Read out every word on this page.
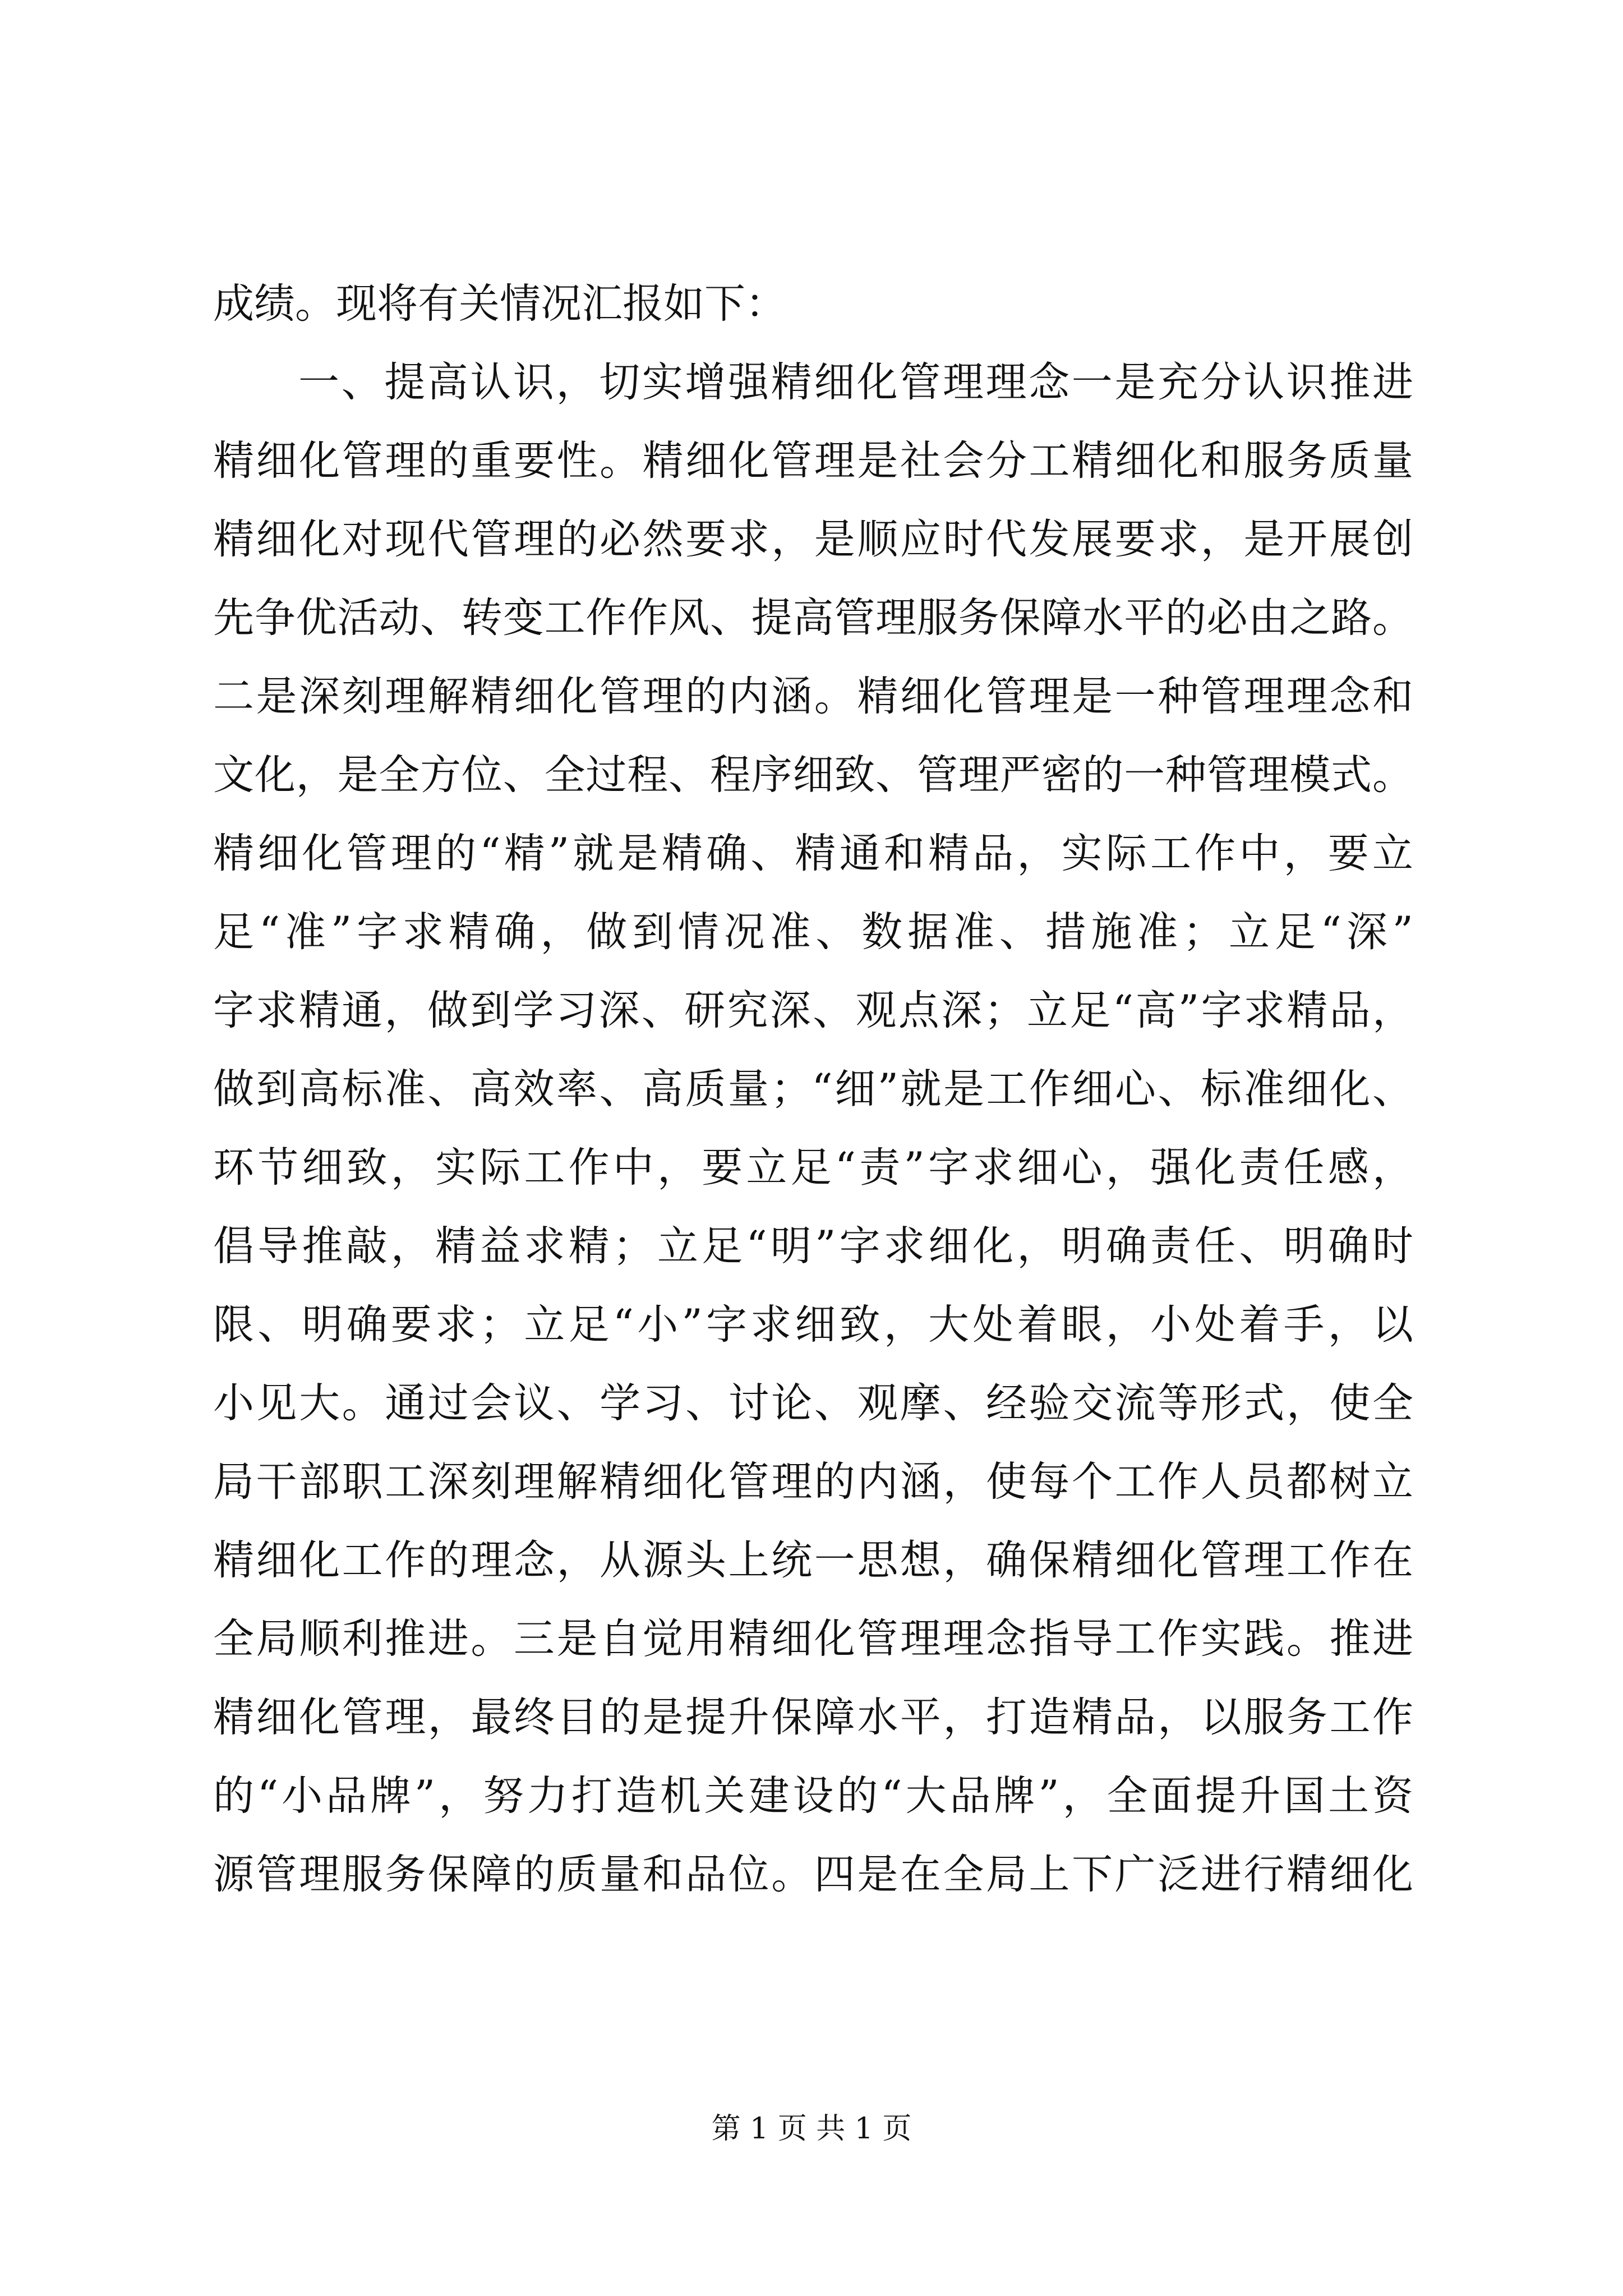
成绩。现将有关情况汇报如下：
一、提高认识，切实增强精细化管理理念一是充分认识推进
精细化管理的重要性。精细化管理是社会分工精细化和服务质量
精细化对现代管理的必然要求，是顺应时代发展要求，是开展创
先争优活动、转变工作作风、提高管理服务保障水平的必由之路。
二是深刻理解精细化管理的内涵。精细化管理是一种管理理念和
文化，是全方位、全过程、程序细致、管理严密的一种管理模式。
精细化管理的“精”就是精确、精通和精品，实际工作中，要立
足“准”字求精确，做到情况准、数据准、措施准；立足“深”
字求精通，做到学习深、研究深、观点深；立足“高”字求精品，
做到高标准、高效率、高质量；“细”就是工作细心、标准细化、
环节细致，实际工作中，要立足“责”字求细心，强化责任感，
倡导推敲，精益求精；立足“明”字求细化，明确责任、明确时
限、明确要求；立足“小”字求细致，大处着眼，小处着手，以
小见大。通过会议、学习、讨论、观摩、经验交流等形式，使全
局干部职工深刻理解精细化管理的内涵，使每个工作人员都树立
精细化工作的理念，从源头上统一思想，确保精细化管理工作在
全局顺利推进。三是自觉用精细化管理理念指导工作实践。推进
精细化管理，最终目的是提升保障水平，打造精品，以服务工作
的“小品牌”，努力打造机关建设的“大品牌”，全面提升国土资
源管理服务保障的质量和品位。四是在全局上下广泛进行精细化
第 1 页 共 1 页
